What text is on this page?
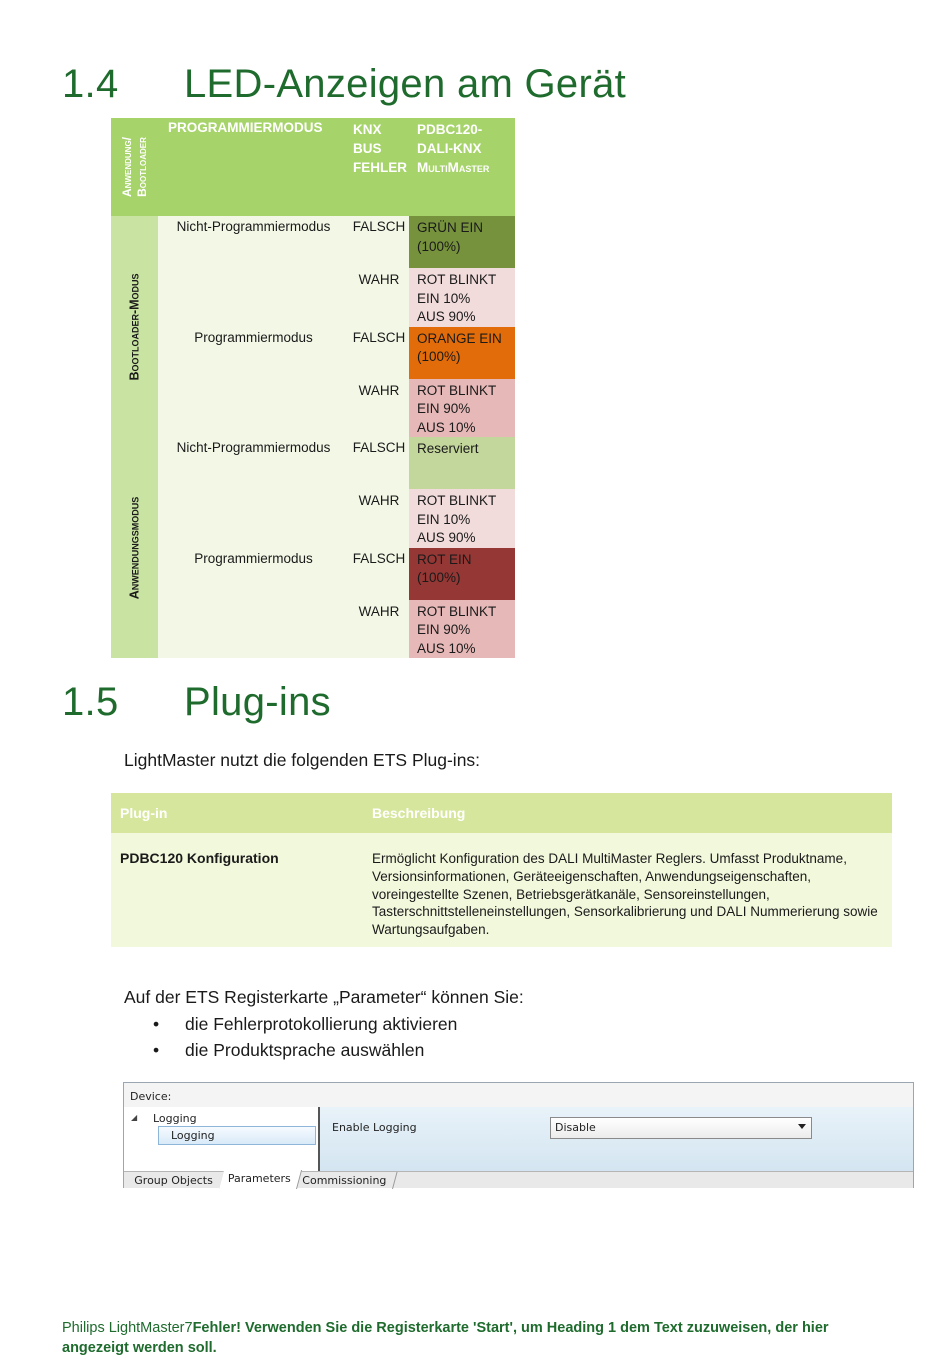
1.4 LED-Anzeigen am Gerät
Anwendung/ Bootloader	PROGRAMMIERMODUS	KNX BUS FEHLER	PDBC120-
DALI-KNX
MultiMaster

Bootloader-Modus	Nicht-Programmiermodus	FALSCH	GRÜN EIN
(100%)

		WAHR	ROT BLINKT
EIN 10%
AUS 90%

	Programmiermodus	FALSCH	ORANGE EIN
(100%)

		WAHR	ROT BLINKT
EIN 90%
AUS 10%

Anwendungsmodus	Nicht-Programmiermodus	FALSCH	Reserviert

		WAHR	ROT BLINKT
EIN 10%
AUS 90%

	Programmiermodus	FALSCH	ROT EIN
(100%)

		WAHR	ROT BLINKT
EIN 90%
AUS 10%
1.5 Plug-ins

LightMaster nutzt die folgenden ETS Plug-ins:

Plug-in	Beschreibung
PDBC120 Konfiguration	Ermöglicht Konfiguration des DALI MultiMaster Reglers. Umfasst Produktname, Versionsinformationen, Geräteeigenschaften, Anwendungseigenschaften, voreingestellte Szenen, Betriebsgerätkanäle, Sensoreinstellungen, Tasterschnittstelleneinstellungen, Sensorkalibrierung und DALI Nummerierung sowie Wartungsaufgaben.

Auf der ETS Registerkarte „Parameter“ können Sie:

•	die Fehlerprotokollierung aktivieren
•	die Produktsprache auswählen
Device:
◢ Logging
Logging
Enable Logging	Disable
Group Objects	Parameters	Commissioning
Philips LightMaster7Fehler! Verwenden Sie die Registerkarte 'Start', um Heading 1 dem Text zuzuweisen, der hier angezeigt werden soll.
